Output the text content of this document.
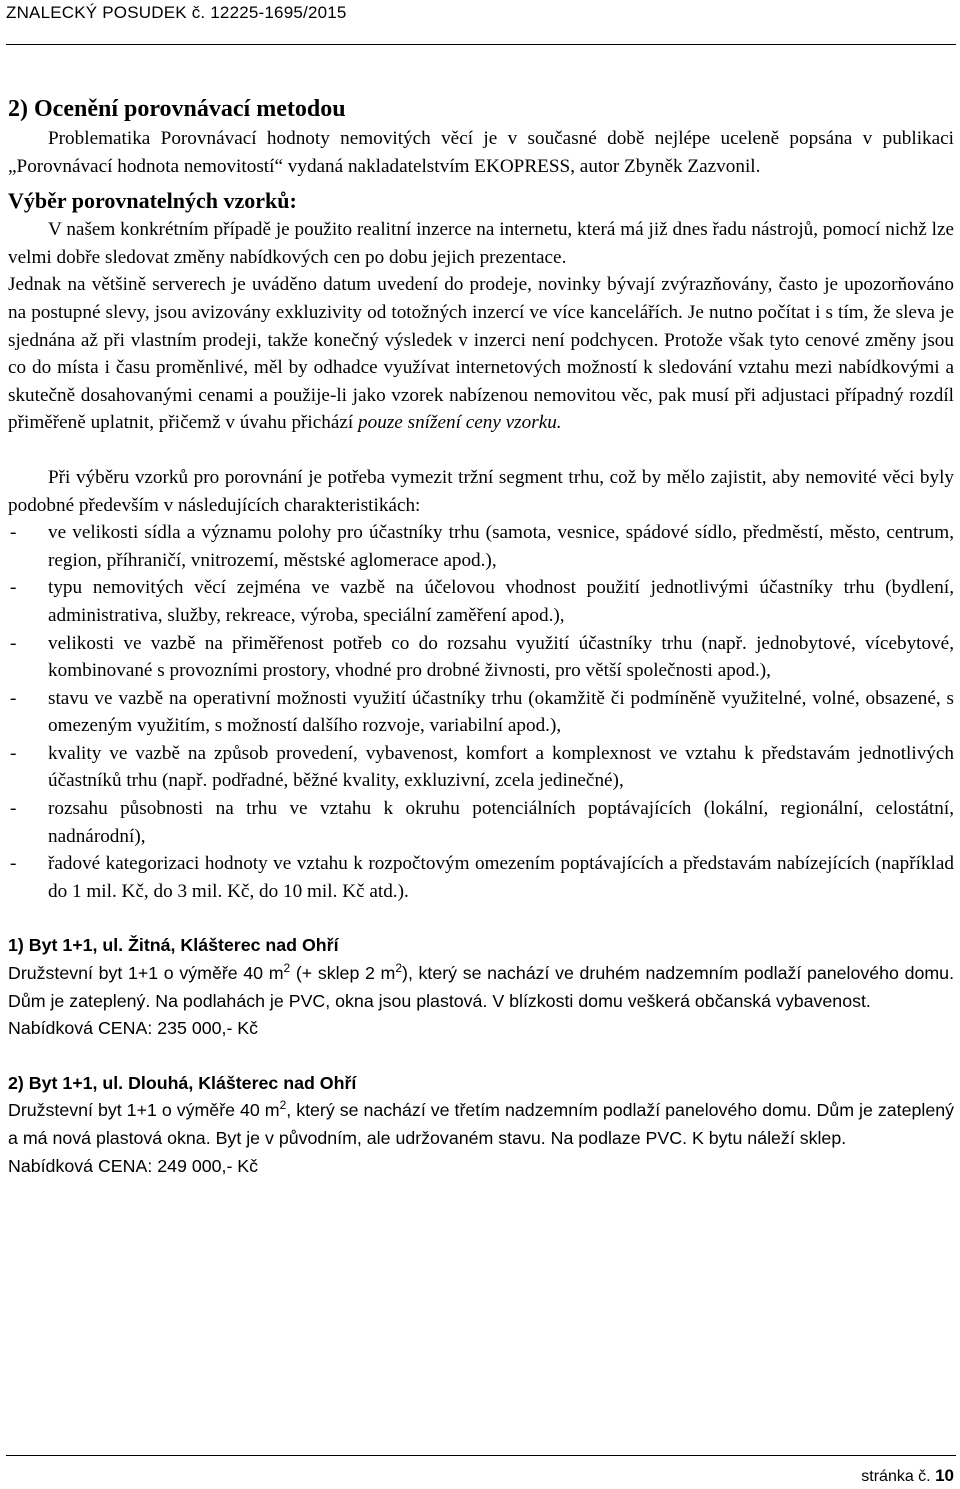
ZNALECKÝ POSUDEK č. 12225-1695/2015
2) Ocenění porovnávací metodou

Problematika Porovnávací hodnoty nemovitých věcí je v současné době nejlépe uceleně popsána v publikaci „Porovnávací hodnota nemovitostí“ vydaná nakladatelstvím EKOPRESS, autor Zbyněk Zazvonil.

Výběr porovnatelných vzorků:

V našem konkrétním případě je použito realitní inzerce na internetu, která má již dnes řadu nástrojů, pomocí nichž lze velmi dobře sledovat změny nabídkových cen po dobu jejich prezentace.

Jednak na většině serverech je uváděno datum uvedení do prodeje, novinky bývají zvýrazňovány, často je upozorňováno na postupné slevy, jsou avizovány exkluzivity od totožných inzercí ve více kancelářích. Je nutno počítat i s tím, že sleva je sjednána až při vlastním prodeji, takže konečný výsledek v inzerci není podchycen. Protože však tyto cenové změny jsou co do místa i času proměnlivé, měl by odhadce využívat internetových možností k sledování vztahu mezi nabídkovými a skutečně dosahovanými cenami a použije-li jako vzorek nabízenou nemovitou věc, pak musí při adjustaci případný rozdíl přiměřeně uplatnit, přičemž v úvahu přichází pouze snížení ceny vzorku.

Při výběru vzorků pro porovnání je potřeba vymezit tržní segment trhu, což by mělo zajistit, aby nemovité věci byly podobné především v následujících charakteristikách:

- ve velikosti sídla a významu polohy pro účastníky trhu (samota, vesnice, spádové sídlo, předměstí, město, centrum, region, příhraničí, vnitrozemí, městské aglomerace apod.),
- typu nemovitých věcí zejména ve vazbě na účelovou vhodnost použití jednotlivými účastníky trhu (bydlení, administrativa, služby, rekreace, výroba, speciální zaměření apod.),
- velikosti ve vazbě na přiměřenost potřeb co do rozsahu využití účastníky trhu (např. jednobytové, vícebytové, kombinované s provozními prostory, vhodné pro drobné živnosti, pro větší společnosti apod.),
- stavu ve vazbě na operativní možnosti využití účastníky trhu (okamžitě či podmíněně využitelné, volné, obsazené, s omezeným využitím, s možností dalšího rozvoje, variabilní apod.),
- kvality ve vazbě na způsob provedení, vybavenost, komfort a komplexnost ve vztahu k představám jednotlivých účastníků trhu (např. podřadné, běžné kvality, exkluzivní, zcela jedinečné),
- rozsahu působnosti na trhu ve vztahu k okruhu potenciálních poptávajících (lokální, regionální, celostátní, nadnárodní),
- řadové kategorizaci hodnoty ve vztahu k rozpočtovým omezením poptávajících a představám nabízejících (například do 1 mil. Kč, do 3 mil. Kč, do 10 mil. Kč atd.).

1) Byt 1+1, ul. Žitná, Klášterec nad Ohří

Družstevní byt 1+1 o výměře 40 $m^2$ (+ sklep 2 $m^2$), který se nachází ve druhém nadzemním podlaží panelového domu. Dům je zateplený. Na podlahách je PVC, okna jsou plastová. V blízkosti domu veškerá občanská vybavenost.

Nabídková CENA: 235 000,- Kč

2) Byt 1+1, ul. Dlouhá, Klášterec nad Ohří

Družstevní byt 1+1 o výměře 40 $m^2$, který se nachází ve třetím nadzemním podlaží panelového domu. Dům je zateplený a má nová plastová okna. Byt je v původním, ale udržovaném stavu. Na podlaze PVC. K bytu náleží sklep.

Nabídková CENA: 249 000,- Kč

stránka č. 10
